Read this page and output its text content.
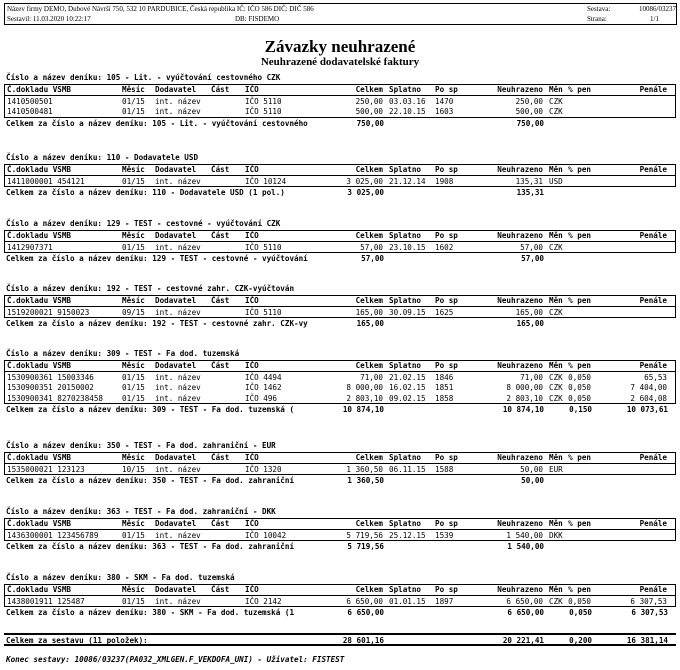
Název firmy DEMO, Dubové Návrší 750, 532 10 PARDUBICE, Česká republika IČ: IČO 586 DIČ: DIČ 586
Sestavil: 11.03.2020 10:22:17	DB: FISDEMO
Sestava:	10086/03237
Strana:	1/1
Závazky neuhrazené
Neuhrazené dodavatelské faktury
Číslo a název deníku: 105 - Lit. - vyúčtování cestovného CZK
Č.dokladu VSMB	Měsíc Dodavatel Část IČO	Celkem Splatno Po sp	Neuhrazeno Měn % pen	Penále
1410500501	01/15 int. název	IČO 5110	250,00 03.03.16 1470	250,00 CZK
1410500481	01/15 int. název	IČO 5110	500,00 22.10.15 1603	500,00 CZK
Celkem za číslo a název deníku: 105 - Lit. - vyúčtování cestovného	750,00	750,00
Číslo a název deníku: 110 - Dodavatele USD
Č.dokladu VSMB	Měsíc Dodavatel Část IČO	Celkem Splatno Po sp	Neuhrazeno Měn % pen	Penále
1411000001 454121	01/15 int. název	IČO 10124	3 025,00 21.12.14 1908	135,31 USD
Celkem za číslo a název deníku: 110 - Dodavatele USD (1 pol.)	3 025,00	135,31
Číslo a název deníku: 129 - TEST - cestovné - vyúčtování CZK
Č.dokladu VSMB	Měsíc Dodavatel Část IČO	Celkem Splatno Po sp	Neuhrazeno Měn % pen	Penále
1412907371	01/15 int. název	IČO 5110	57,00 23.10.15 1602	57,00 CZK
Celkem za číslo a název deníku: 129 - TEST - cestovné - vyúčtování	57,00	57,00
Číslo a název deníku: 192 - TEST - cestovné zahr. CZK-vyúčtován
Č.dokladu VSMB	Měsíc Dodavatel Část IČO	Celkem Splatno Po sp	Neuhrazeno Měn % pen	Penále
1519200021 9150023	09/15 int. název	IČO 5110	165,00 30.09.15 1625	165,00 CZK
Celkem za číslo a název deníku: 192 - TEST - cestovné zahr. CZK-vy	165,00	165,00
Číslo a název deníku: 309 - TEST - Fa dod. tuzemská
Č.dokladu VSMB	Měsíc Dodavatel Část IČO	Celkem Splatno Po sp	Neuhrazeno Měn % pen	Penále
1530900361 15003346	01/15 int. název	IČO 4494	71,00 21.02.15 1846	71,00 CZK 0,050	65,53
1530900351 20150002	01/15 int. název	IČO 1462	8 000,00 16.02.15 1851	8 000,00 CZK 0,050	7 404,00
1530900341 8270238458 01/15 int. název	IČO 496	2 803,10 09.02.15 1858	2 803,10 CZK 0,050	2 604,08
Celkem za číslo a název deníku: 309 - TEST - Fa dod. tuzemská (	10 874,10	10 874,10	0,150	10 073,61
Číslo a název deníku: 350 - TEST - Fa dod. zahraniční - EUR
Č.dokladu VSMB	Měsíc Dodavatel Část IČO	Celkem Splatno Po sp	Neuhrazeno Měn % pen	Penále
1535000021 123123	10/15 int. název	IČO 1320	1 360,50 06.11.15 1588	50,00 EUR
Celkem za číslo a název deníku: 350 - TEST - Fa dod. zahraniční	1 360,50	50,00
Číslo a název deníku: 363 - TEST - Fa dod. zahraniční - DKK
Č.dokladu VSMB	Měsíc Dodavatel Část IČO	Celkem Splatno Po sp	Neuhrazeno Měn % pen	Penále
1436300001 123456789	01/15 int. název	IČO 10042	5 719,56 25.12.15 1539	1 540,00 DKK
Celkem za číslo a název deníku: 363 - TEST - Fa dod. zahraniční	5 719,56	1 540,00
Číslo a název deníku: 380 - SKM - Fa dod. tuzemská
Č.dokladu VSMB	Měsíc Dodavatel Část IČO	Celkem Splatno Po sp	Neuhrazeno Měn % pen	Penále
1438001911 125487	01/15 int. název	IČO 2142	6 650,00 01.01.15 1897	6 650,00 CZK 0,050	6 307,53
Celkem za číslo a název deníku: 380 - SKM - Fa dod. tuzemská (1	6 650,00	6 650,00	0,050	6 307,53
Celkem za sestavu (11 položek):	28 601,16	20 221,41	0,200	16 381,14
Konec sestavy: 10086/03237(PA032_XMLGEN.F_VEKDOFA_UNI) - Uživatel: FISTEST
